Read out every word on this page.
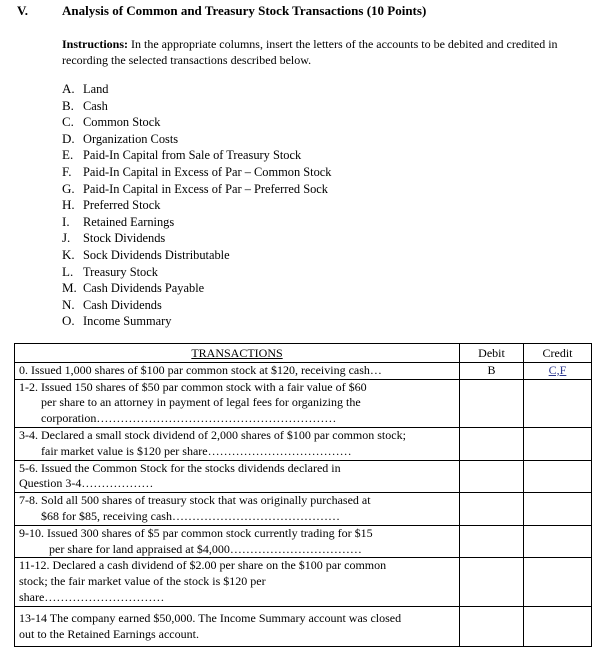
V.	Analysis of Common and Treasury Stock Transactions (10 Points)
Instructions: In the appropriate columns, insert the letters of the accounts to be debited and credited in recording the selected transactions described below.
A. Land
B. Cash
C. Common Stock
D. Organization Costs
E. Paid-In Capital from Sale of Treasury Stock
F. Paid-In Capital in Excess of Par – Common Stock
G. Paid-In Capital in Excess of Par – Preferred Sock
H. Preferred Stock
I. Retained Earnings
J. Stock Dividends
K. Sock Dividends Distributable
L. Treasury Stock
M. Cash Dividends Payable
N. Cash Dividends
O. Income Summary
TRANSACTIONS	Debit	Credit
0. Issued 1,000 shares of $100 par common stock at $120, receiving cash…	B	C,F
1-2. Issued 150 shares of $50 par common stock with a fair value of $60
per share to an attorney in payment of legal fees for organizing the
corporation……………………………………………………		

3-4. Declared a small stock dividend of 2,000 shares of $100 par common stock;
fair market value is $120 per share………………………………		

5-6. Issued the Common Stock for the stocks dividends declared in
Question 3-4………………		
7-8. Sold all 500 shares of treasury stock that was originally purchased at
$68 for $85, receiving cash……………………………………		

9-10. Issued 300 shares of $5 par common stock currently trading for $15
per share for land appraised at $4,000……………………………		

11-12. Declared a cash dividend of $2.00 per share on the $100 par common
stock; the fair market value of the stock is $120 per
share…………………………		
13-14 The company earned $50,000. The Income Summary account was closed
out to the Retained Earnings account.		
